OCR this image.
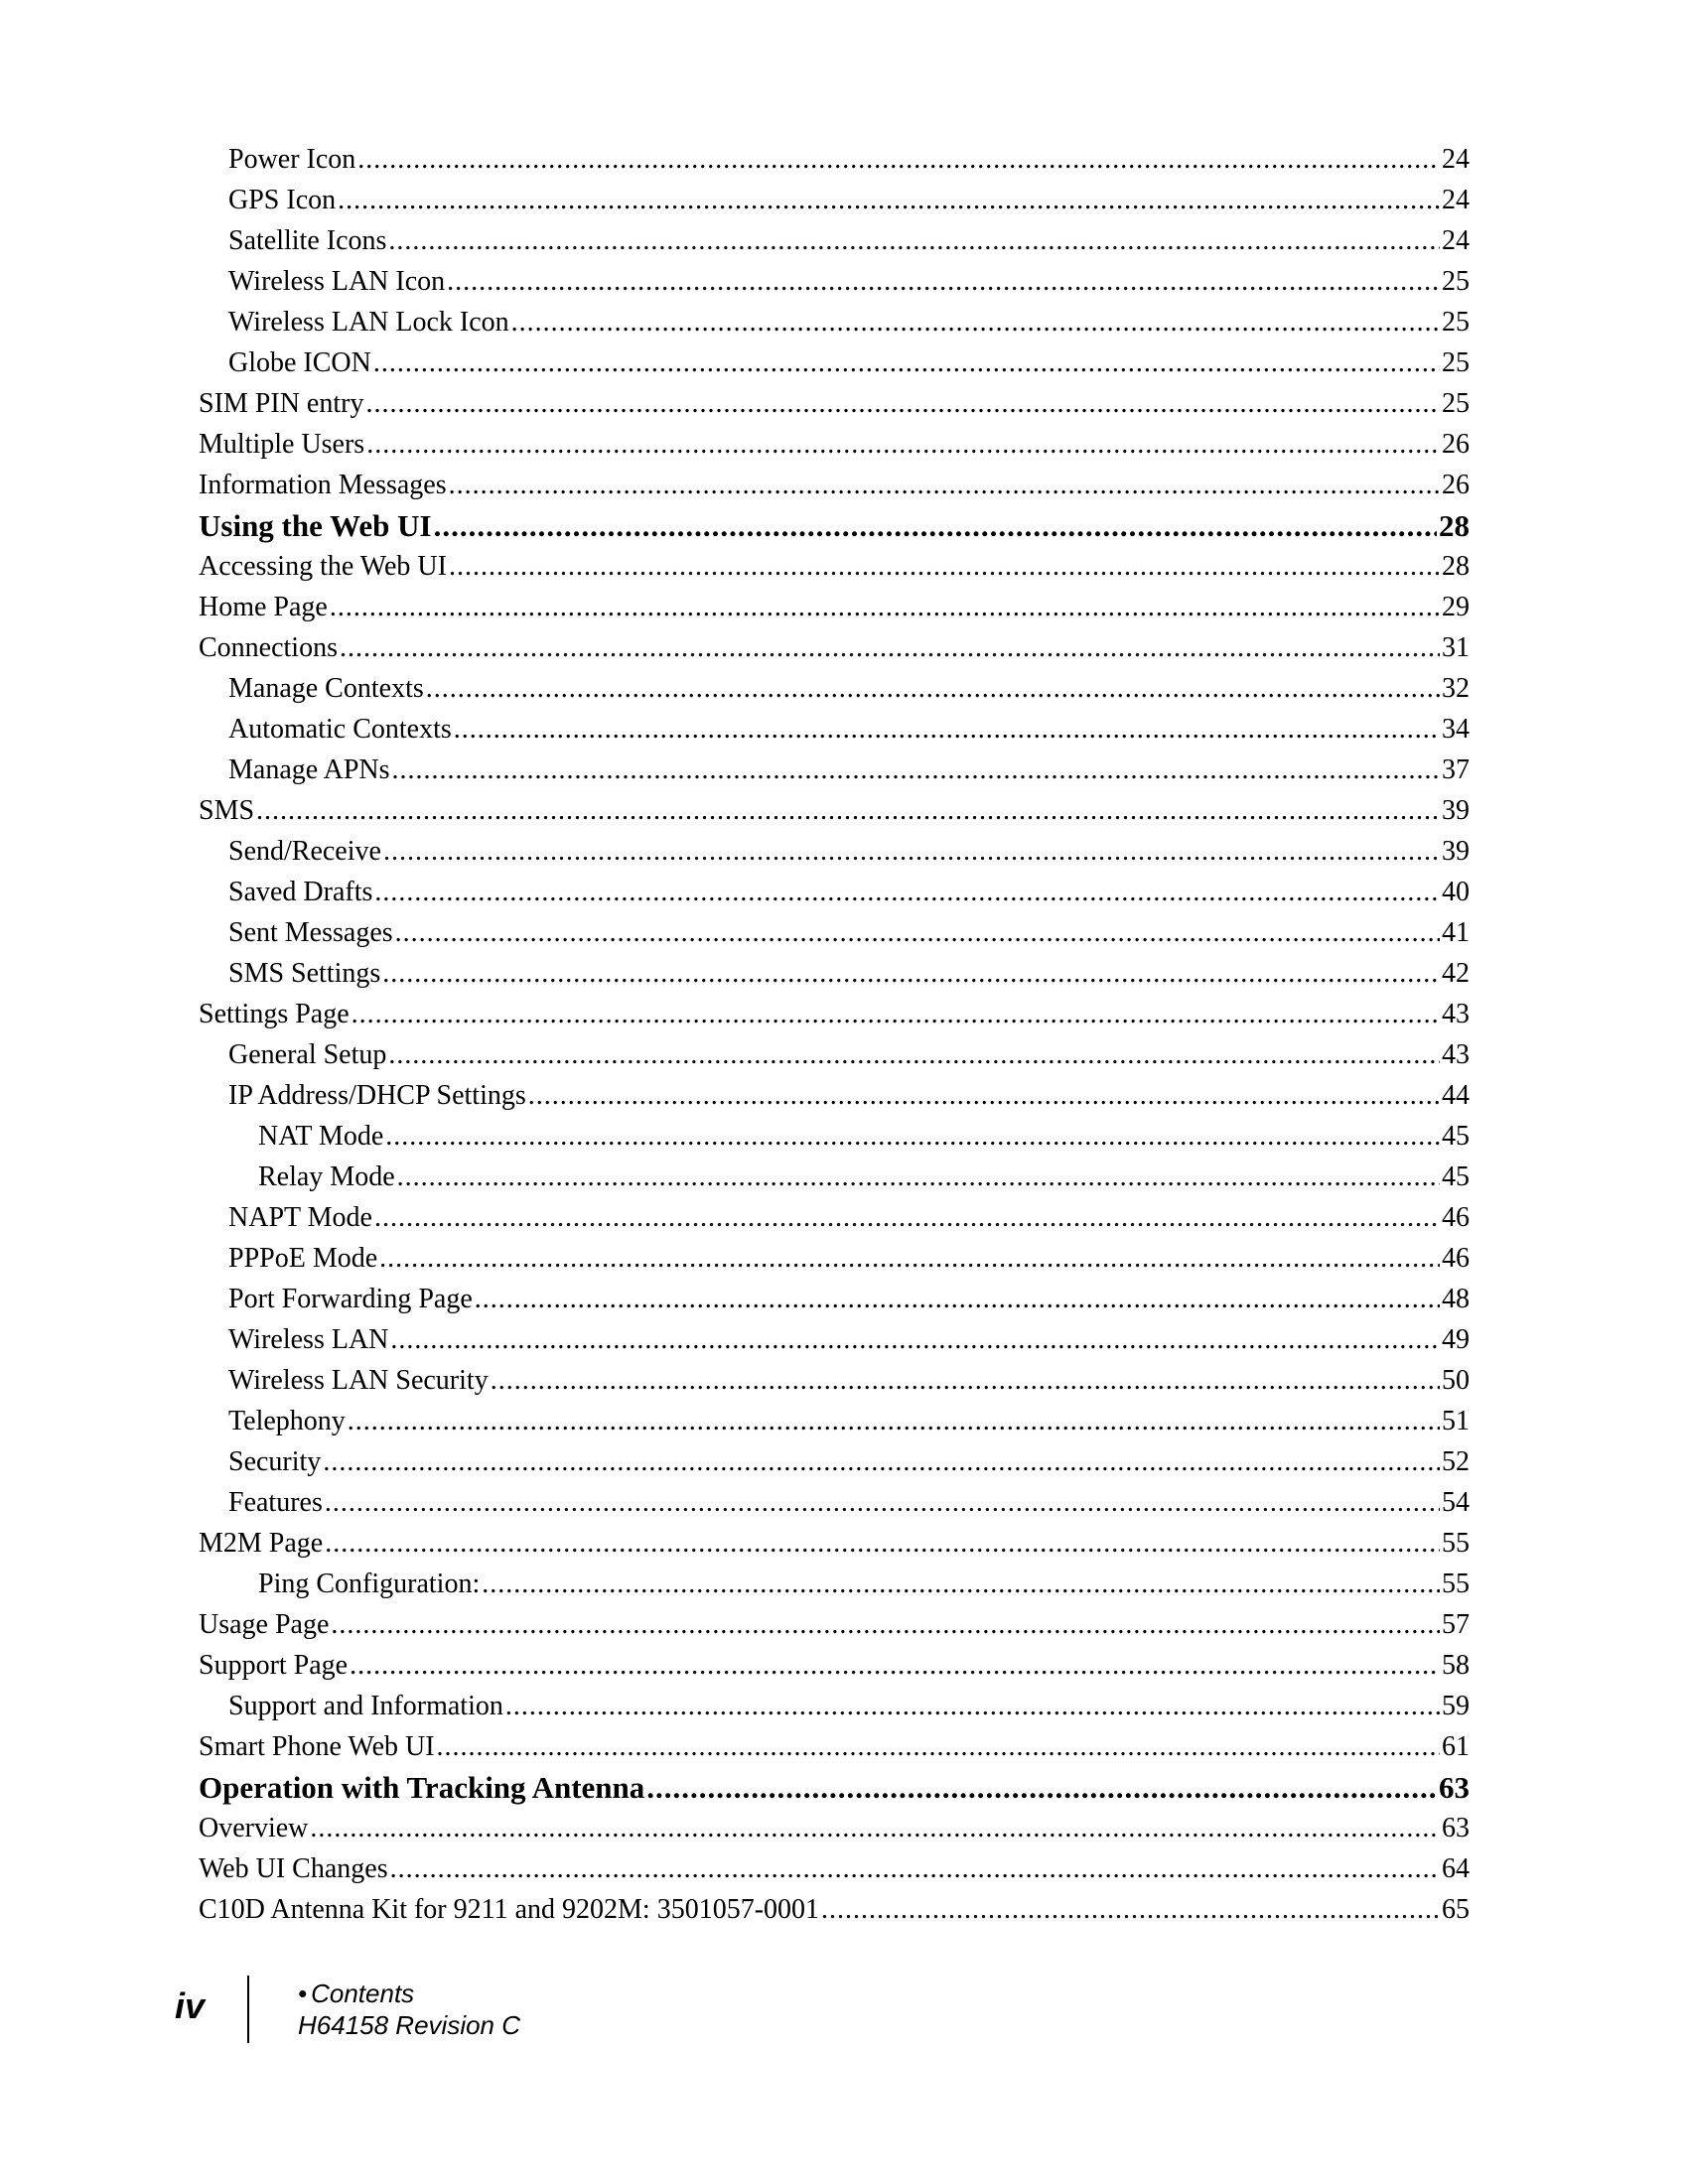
Power Icon .....	24
GPS Icon .....	24
Satellite Icons .....	24
Wireless LAN Icon .....	25
Wireless LAN Lock Icon .....	25
Globe ICON .....	25
SIM PIN entry .....	25
Multiple Users .....	26
Information Messages .....	26
Using the Web UI .....	28
Accessing the Web UI .....	28
Home Page .....	29
Connections .....	31
Manage Contexts .....	32
Automatic Contexts .....	34
Manage APNs .....	37
SMS .....	39
Send/Receive .....	39
Saved Drafts .....	40
Sent Messages .....	41
SMS Settings .....	42
Settings Page .....	43
General Setup .....	43
IP Address/DHCP Settings .....	44
NAT Mode .....	45
Relay Mode .....	45
NAPT Mode .....	46
PPPoE Mode .....	46
Port Forwarding Page .....	48
Wireless LAN .....	49
Wireless LAN Security .....	50
Telephony .....	51
Security .....	52
Features .....	54
M2M Page .....	55
Ping Configuration: .....	55
Usage Page .....	57
Support Page .....	58
Support and Information .....	59
Smart Phone Web UI .....	61
Operation with Tracking Antenna .....	63
Overview .....	63
Web UI Changes .....	64
C10D Antenna Kit for 9211 and 9202M: 3501057-0001 .....	65
iv	• Contents
H64158 Revision C
